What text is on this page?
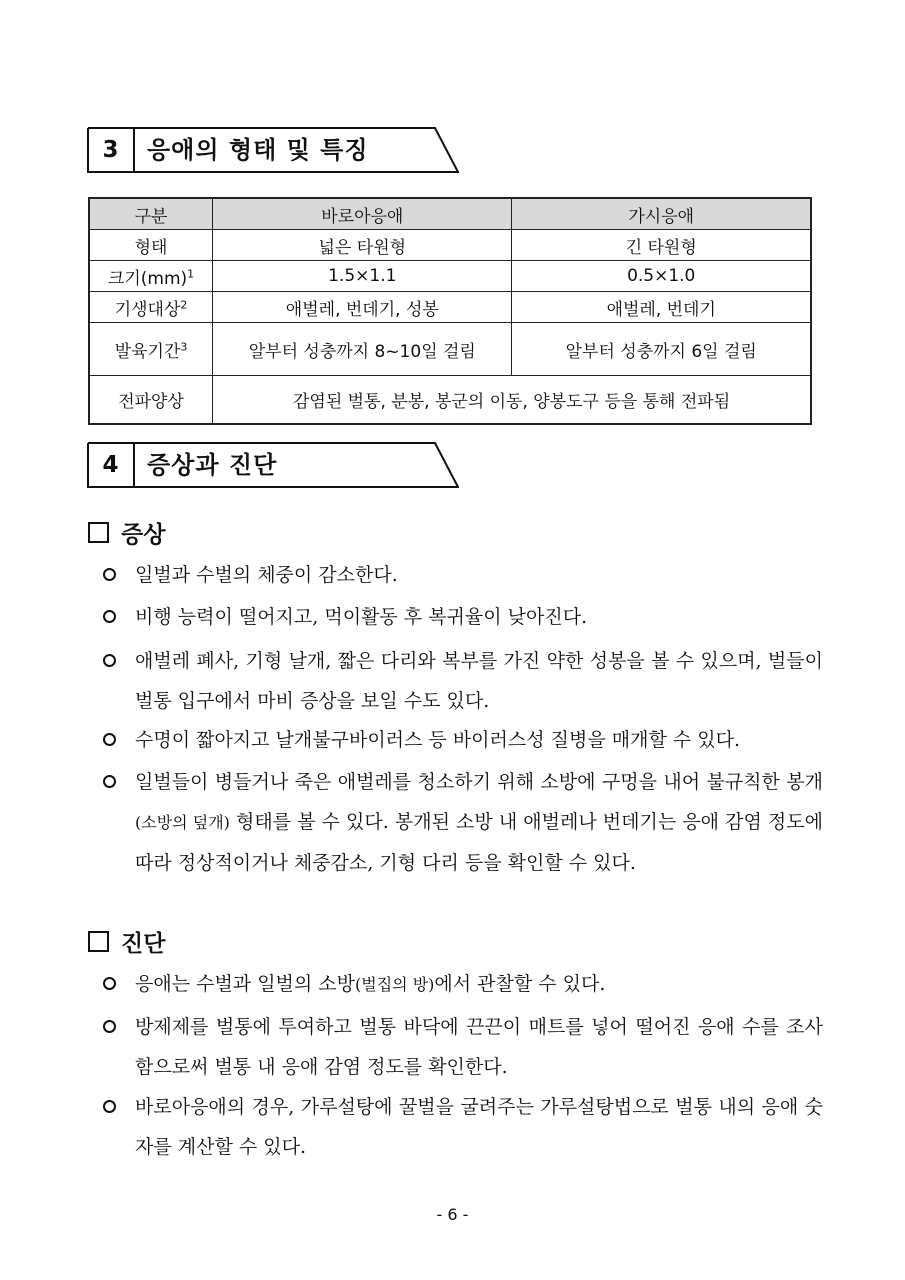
3	응애의 형태 및 특징
구분	바로아응애	가시응애
형태	넓은 타원형	긴 타원형
크기(mm)$^1$	1.5×1.1	0.5×1.0
기생대상$^2$	애벌레, 번데기, 성봉	애벌레, 번데기
발육기간$^3$	알부터 성충까지 8~10일 걸림	알부터 성충까지 6일 걸림
전파양상	감염된 벌통, 분봉, 봉군의 이동, 양봉도구 등을 통해 전파됨	
4	증상과 진단
증상
일벌과 수벌의 체중이 감소한다.
비행 능력이 떨어지고, 먹이활동 후 복귀율이 낮아진다.
애벌레 폐사, 기형 날개, 짧은 다리와 복부를 가진 약한 성봉을 볼 수 있으며, 벌들이 벌통 입구에서 마비 증상을 보일 수도 있다.
수명이 짧아지고 날개불구바이러스 등 바이러스성 질병을 매개할 수 있다.
일벌들이 병들거나 죽은 애벌레를 청소하기 위해 소방에 구멍을 내어 불규칙한 봉개(소방의 덮개) 형태를 볼 수 있다. 봉개된 소방 내 애벌레나 번데기는 응애 감염 정도에 따라 정상적이거나 체중감소, 기형 다리 등을 확인할 수 있다.
진단
응애는 수벌과 일벌의 소방(벌집의 방)에서 관찰할 수 있다.
방제제를 벌통에 투여하고 벌통 바닥에 끈끈이 매트를 넣어 떨어진 응애 수를 조사함으로써 벌통 내 응애 감염 정도를 확인한다.
바로아응애의 경우, 가루설탕에 꿀벌을 굴려주는 가루설탕법으로 벌통 내의 응애 숫자를 계산할 수 있다.
- 6 -
